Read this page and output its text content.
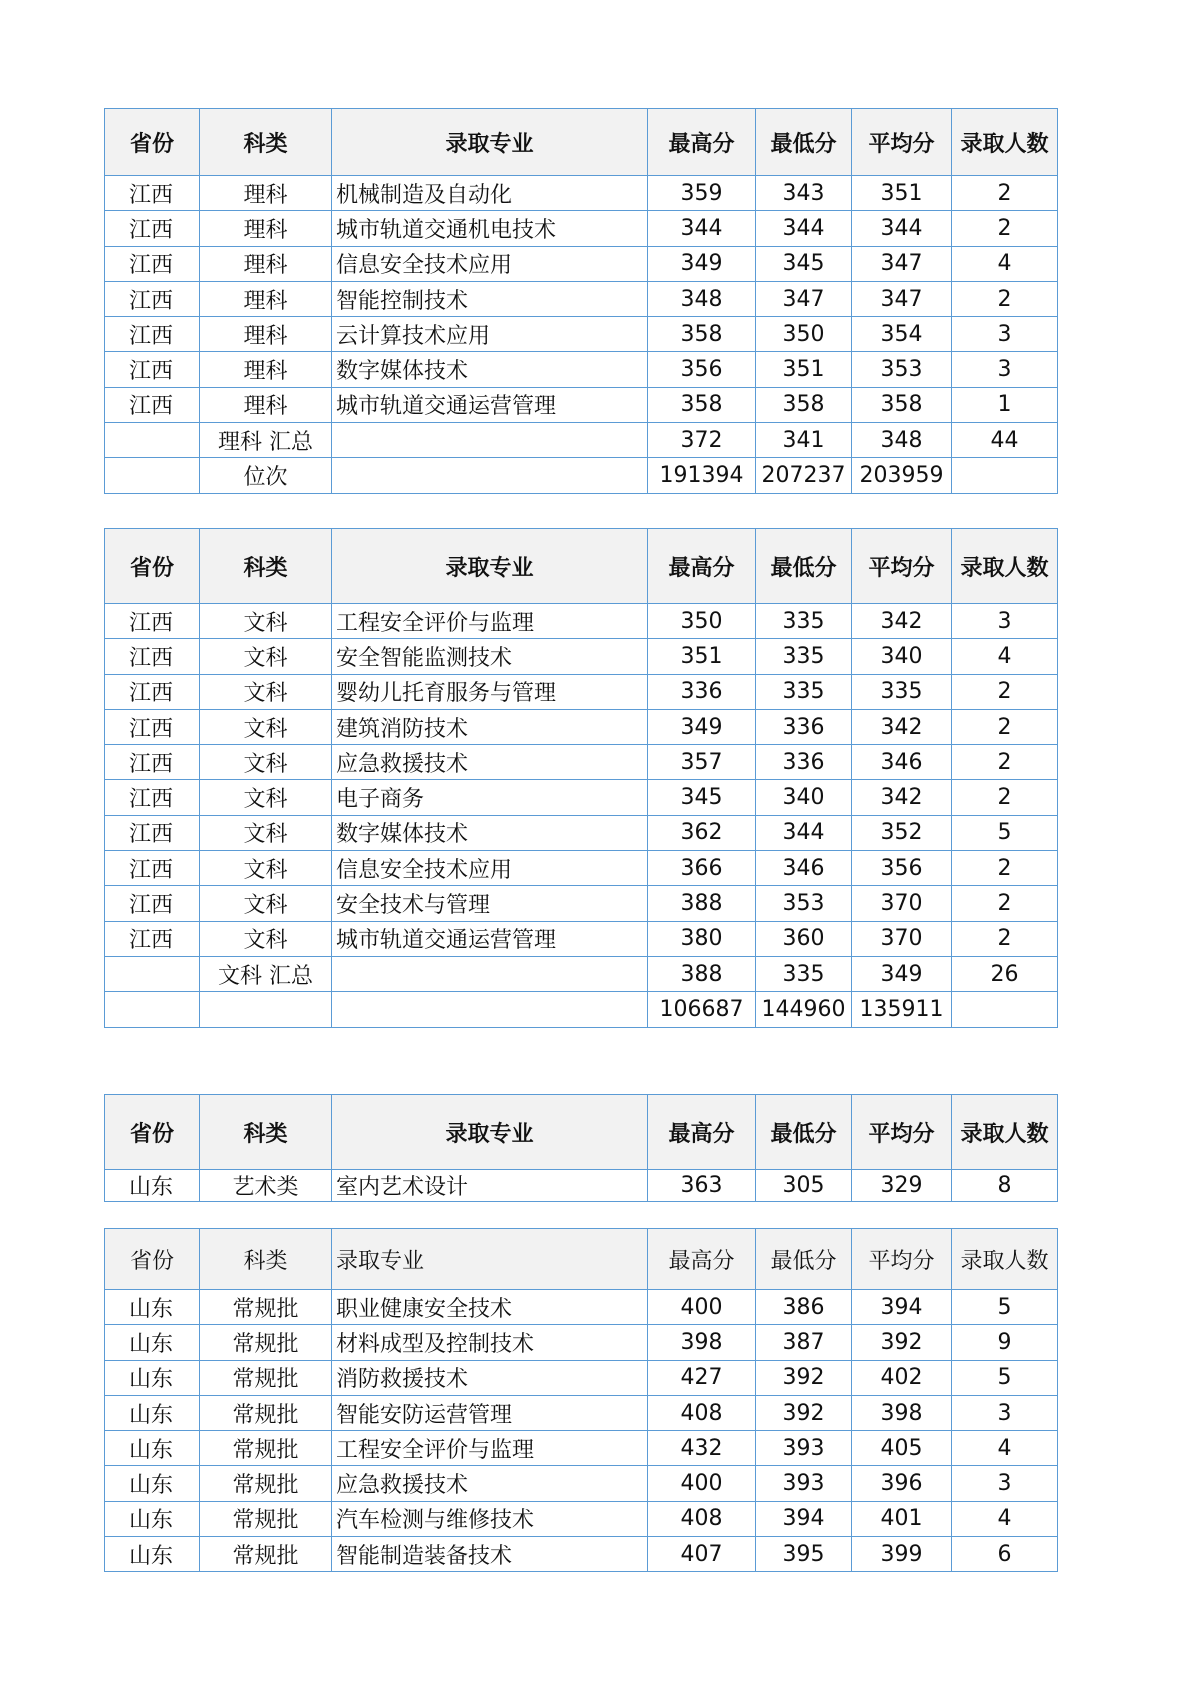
省份	科类	录取专业	最高分	最低分	平均分	录取人数
江西	理科	机械制造及自动化	359	343	351	2
江西	理科	城市轨道交通机电技术	344	344	344	2
江西	理科	信息安全技术应用	349	345	347	4
江西	理科	智能控制技术	348	347	347	2
江西	理科	云计算技术应用	358	350	354	3
江西	理科	数字媒体技术	356	351	353	3
江西	理科	城市轨道交通运营管理	358	358	358	1
	理科 汇总		372	341	348	44
	位次		191394	207237	203959	
省份	科类	录取专业	最高分	最低分	平均分	录取人数
江西	文科	工程安全评价与监理	350	335	342	3
江西	文科	安全智能监测技术	351	335	340	4
江西	文科	婴幼儿托育服务与管理	336	335	335	2
江西	文科	建筑消防技术	349	336	342	2
江西	文科	应急救援技术	357	336	346	2
江西	文科	电子商务	345	340	342	2
江西	文科	数字媒体技术	362	344	352	5
江西	文科	信息安全技术应用	366	346	356	2
江西	文科	安全技术与管理	388	353	370	2
江西	文科	城市轨道交通运营管理	380	360	370	2
	文科 汇总		388	335	349	26
			106687	144960	135911	
省份	科类	录取专业	最高分	最低分	平均分	录取人数
山东	艺术类	室内艺术设计	363	305	329	8
省份	科类	录取专业	最高分	最低分	平均分	录取人数
山东	常规批	职业健康安全技术	400	386	394	5
山东	常规批	材料成型及控制技术	398	387	392	9
山东	常规批	消防救援技术	427	392	402	5
山东	常规批	智能安防运营管理	408	392	398	3
山东	常规批	工程安全评价与监理	432	393	405	4
山东	常规批	应急救援技术	400	393	396	3
山东	常规批	汽车检测与维修技术	408	394	401	4
山东	常规批	智能制造装备技术	407	395	399	6
